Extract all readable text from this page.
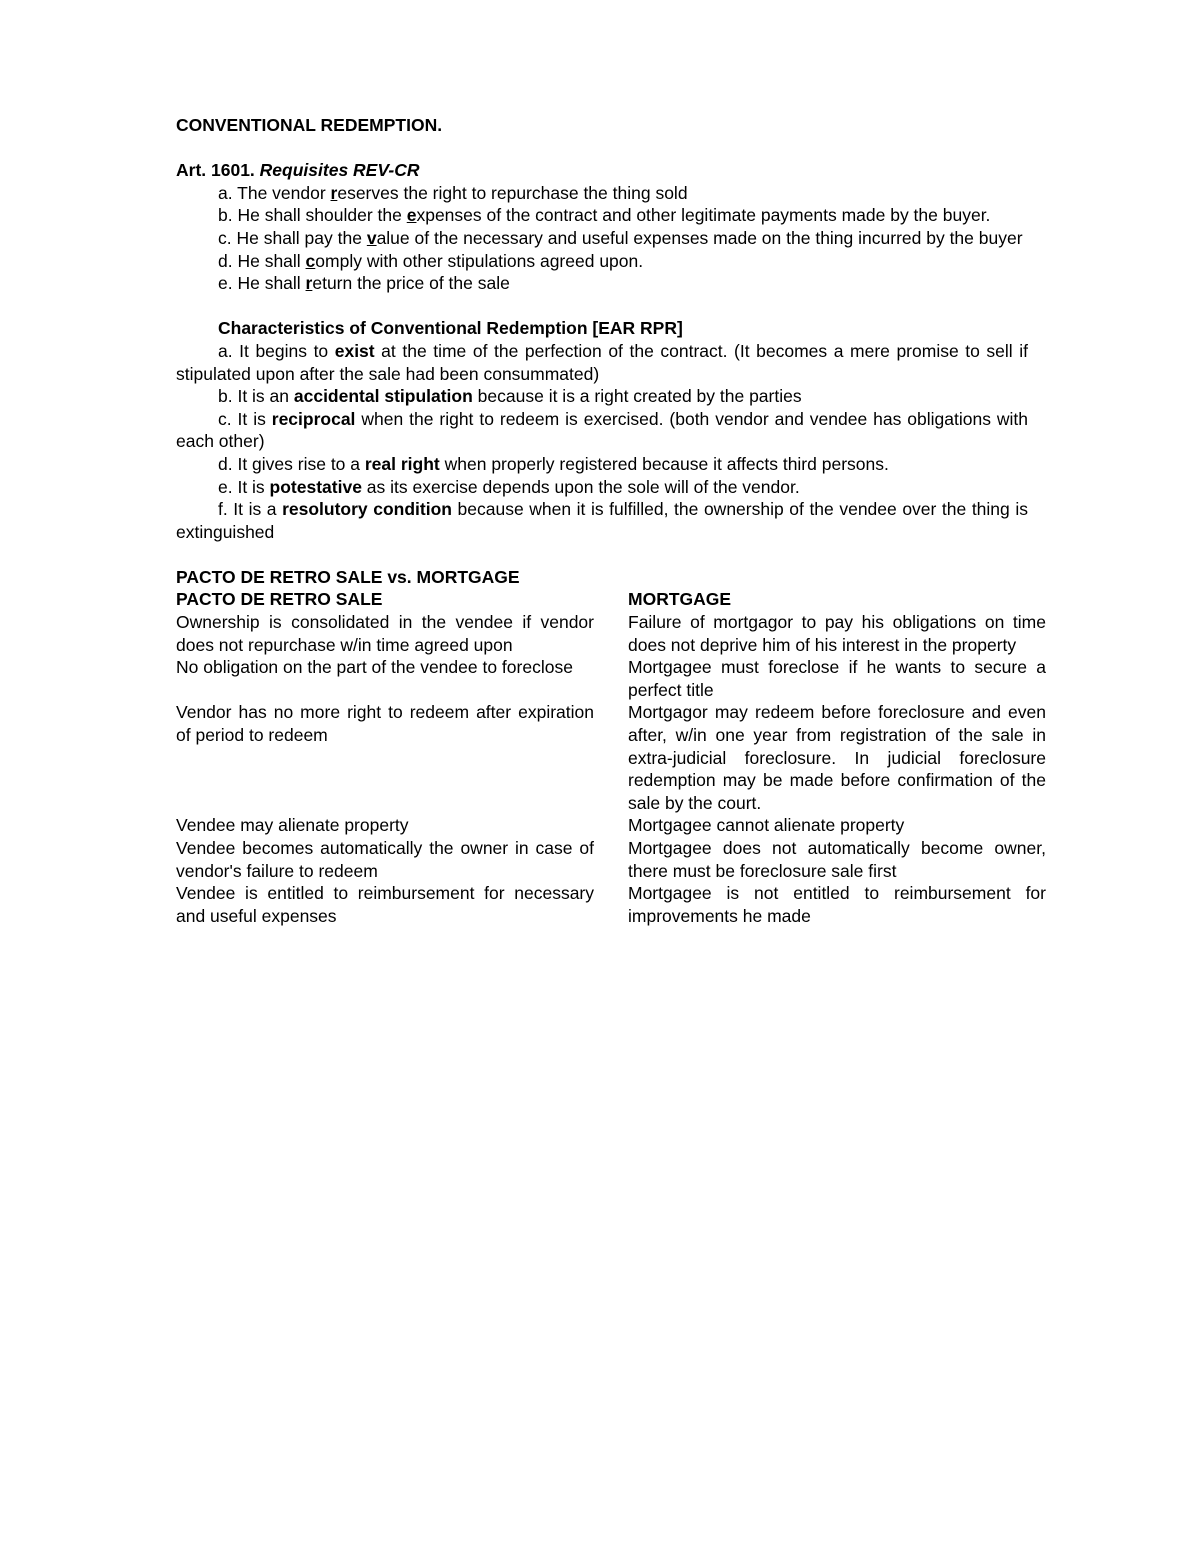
CONVENTIONAL REDEMPTION.

Art. 1601. Requisites REV-CR

a. The vendor reserves the right to repurchase the thing sold

b. He shall shoulder the expenses of the contract and other legitimate payments made by the buyer.

c. He shall pay the value of the necessary and useful expenses made on the thing incurred by the buyer

d. He shall comply with other stipulations agreed upon.

e. He shall return the price of the sale

Characteristics of Conventional Redemption [EAR RPR]

a. It begins to exist at the time of the perfection of the contract. (It becomes a mere promise to sell if stipulated upon after the sale had been consummated)

b. It is an accidental stipulation because it is a right created by the parties

c. It is reciprocal when the right to redeem is exercised. (both vendor and vendee has obligations with each other)

d. It gives rise to a real right when properly registered because it affects third persons.

e. It is potestative as its exercise depends upon the sole will of the vendor.

f. It is a resolutory condition because when it is fulfilled, the ownership of the vendee over the thing is extinguished

PACTO DE RETRO SALE vs. MORTGAGE

PACTO DE RETRO SALE	MORTGAGE
Ownership is consolidated in the vendee if vendor does not repurchase w/in time agreed upon	Failure of mortgagor to pay his obligations on time does not deprive him of his interest in the property
No obligation on the part of the vendee to foreclose	Mortgagee must foreclose if he wants to secure a perfect title
Vendor has no more right to redeem after expiration of period to redeem	Mortgagor may redeem before foreclosure and even after, w/in one year from registration of the sale in extra-judicial foreclosure. In judicial foreclosure redemption may be made before confirmation of the sale by the court.
Vendee may alienate property	Mortgagee cannot alienate property
Vendee becomes automatically the owner in case of vendor's failure to redeem	Mortgagee does not automatically become owner, there must be foreclosure sale first
Vendee is entitled to reimbursement for necessary and useful expenses	Mortgagee is not entitled to reimbursement for improvements he made
